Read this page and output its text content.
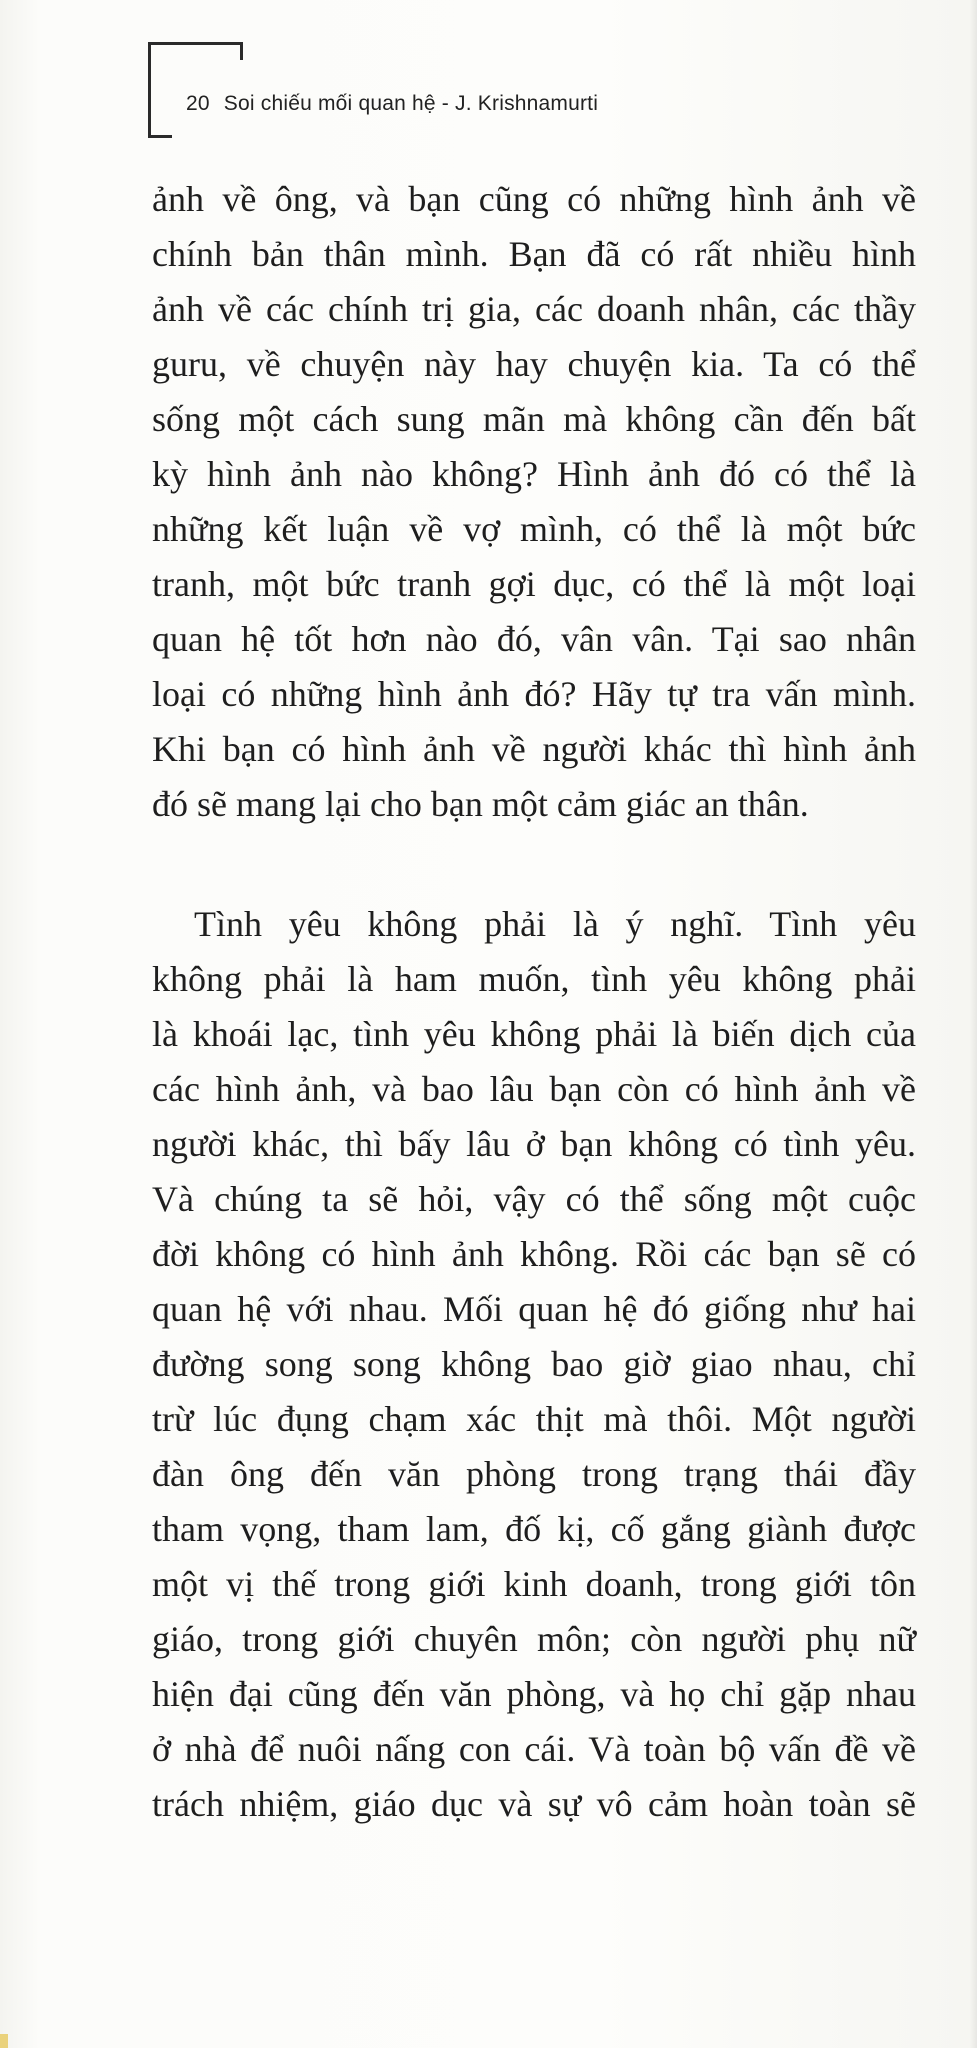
20 Soi chiếu mối quan hệ - J. Krishnamurti
ảnh về ông, và bạn cũng có những hình ảnh về
chính bản thân mình. Bạn đã có rất nhiều hình
ảnh về các chính trị gia, các doanh nhân, các thầy
guru, về chuyện này hay chuyện kia. Ta có thể
sống một cách sung mãn mà không cần đến bất
kỳ hình ảnh nào không? Hình ảnh đó có thể là
những kết luận về vợ mình, có thể là một bức
tranh, một bức tranh gợi dục, có thể là một loại
quan hệ tốt hơn nào đó, vân vân. Tại sao nhân
loại có những hình ảnh đó? Hãy tự tra vấn mình.
Khi bạn có hình ảnh về người khác thì hình ảnh
đó sẽ mang lại cho bạn một cảm giác an thân.
Tình yêu không phải là ý nghĩ. Tình yêu
không phải là ham muốn, tình yêu không phải
là khoái lạc, tình yêu không phải là biến dịch của
các hình ảnh, và bao lâu bạn còn có hình ảnh về
người khác, thì bấy lâu ở bạn không có tình yêu.
Và chúng ta sẽ hỏi, vậy có thể sống một cuộc
đời không có hình ảnh không. Rồi các bạn sẽ có
quan hệ với nhau. Mối quan hệ đó giống như hai
đường song song không bao giờ giao nhau, chỉ
trừ lúc đụng chạm xác thịt mà thôi. Một người
đàn ông đến văn phòng trong trạng thái đầy
tham vọng, tham lam, đố kị, cố gắng giành được
một vị thế trong giới kinh doanh, trong giới tôn
giáo, trong giới chuyên môn; còn người phụ nữ
hiện đại cũng đến văn phòng, và họ chỉ gặp nhau
ở nhà để nuôi nấng con cái. Và toàn bộ vấn đề về
trách nhiệm, giáo dục và sự vô cảm hoàn toàn sẽ
